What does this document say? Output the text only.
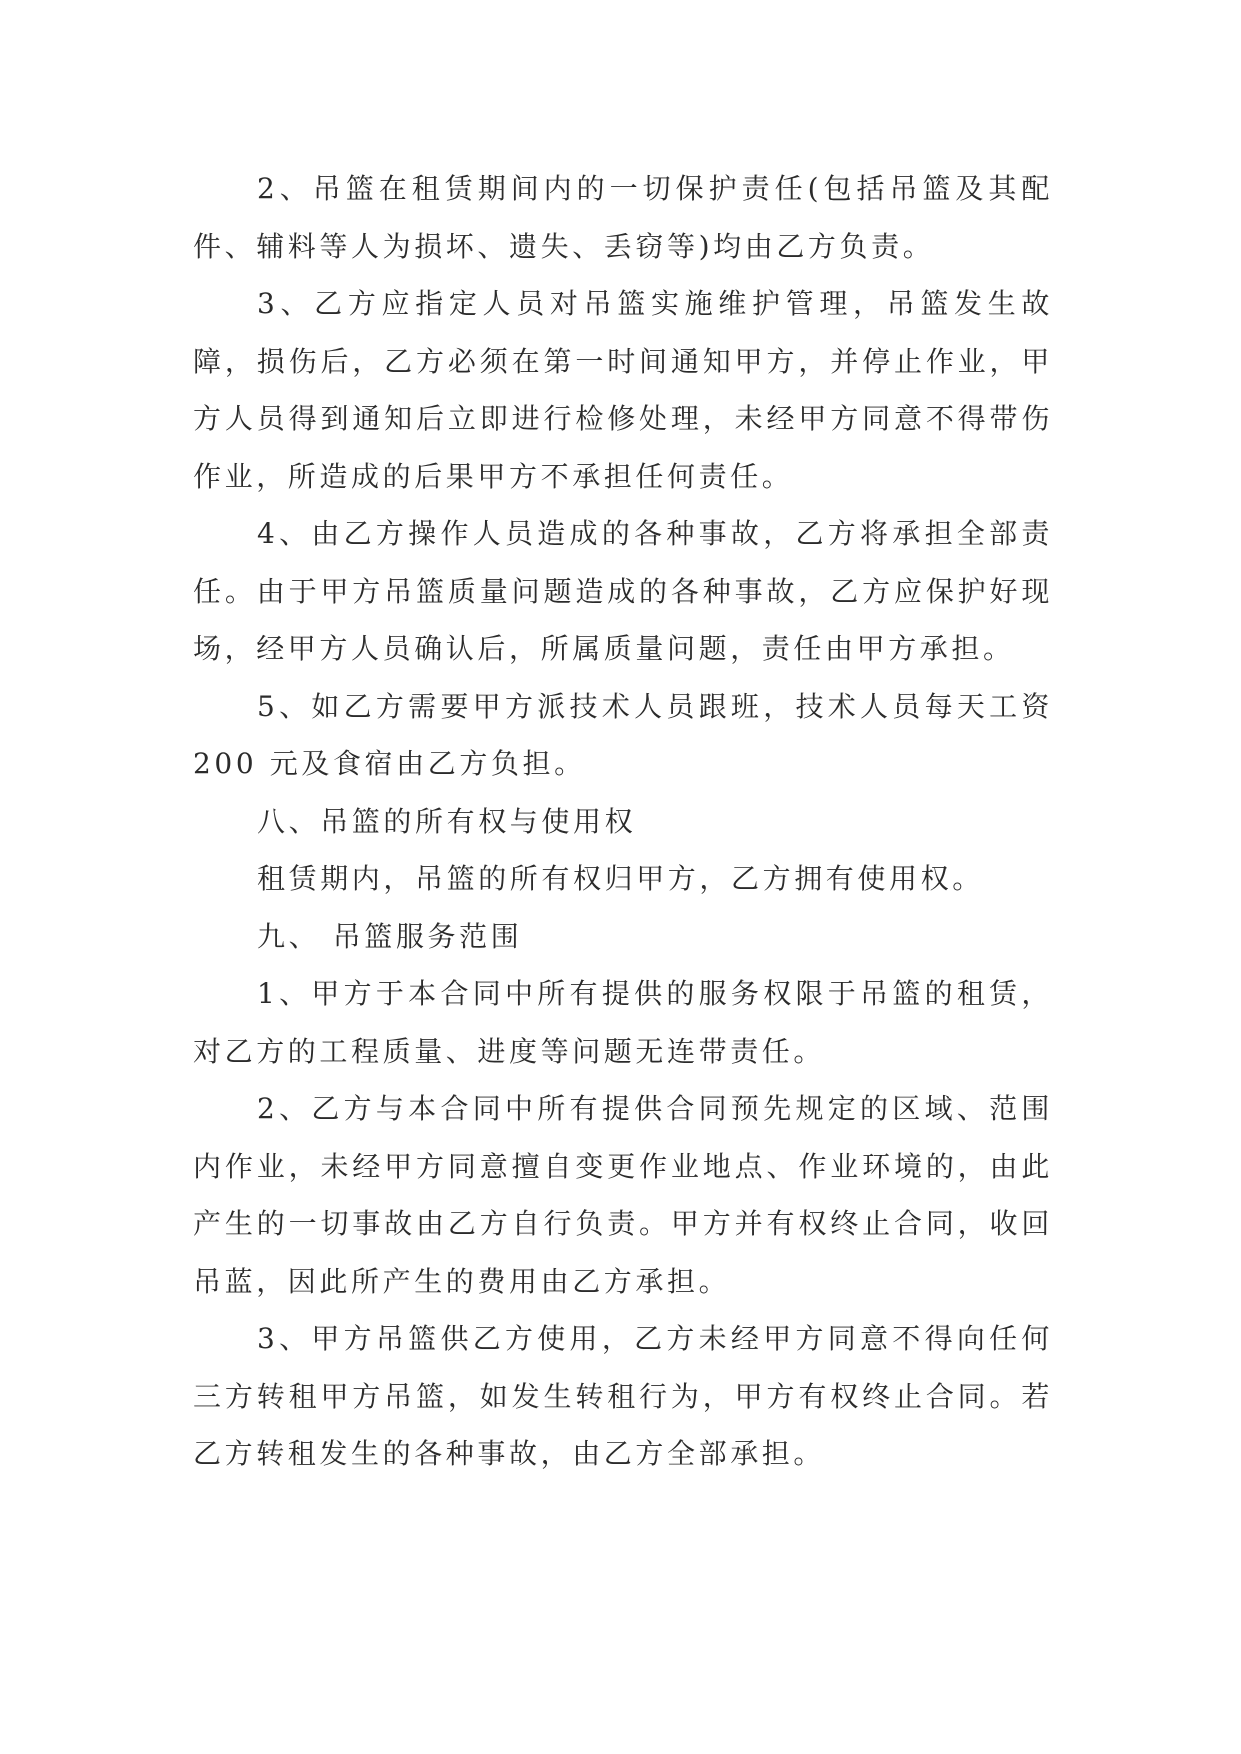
2、吊篮在租赁期间内的一切保护责任(包括吊篮及其配件、辅料等人为损坏、遗失、丢窃等)均由乙方负责。

3、乙方应指定人员对吊篮实施维护管理，吊篮发生故障，损伤后，乙方必须在第一时间通知甲方，并停止作业，甲方人员得到通知后立即进行检修处理，未经甲方同意不得带伤作业，所造成的后果甲方不承担任何责任。

4、由乙方操作人员造成的各种事故，乙方将承担全部责任。由于甲方吊篮质量问题造成的各种事故，乙方应保护好现场，经甲方人员确认后，所属质量问题，责任由甲方承担。

5、如乙方需要甲方派技术人员跟班，技术人员每天工资 200 元及食宿由乙方负担。

八、吊篮的所有权与使用权

租赁期内，吊篮的所有权归甲方，乙方拥有使用权。

九、 吊篮服务范围

1、甲方于本合同中所有提供的服务权限于吊篮的租赁，对乙方的工程质量、进度等问题无连带责任。

2、乙方与本合同中所有提供合同预先规定的区域、范围内作业，未经甲方同意擅自变更作业地点、作业环境的，由此产生的一切事故由乙方自行负责。甲方并有权终止合同，收回吊蓝，因此所产生的费用由乙方承担。

3、甲方吊篮供乙方使用，乙方未经甲方同意不得向任何三方转租甲方吊篮，如发生转租行为，甲方有权终止合同。若乙方转租发生的各种事故，由乙方全部承担。
